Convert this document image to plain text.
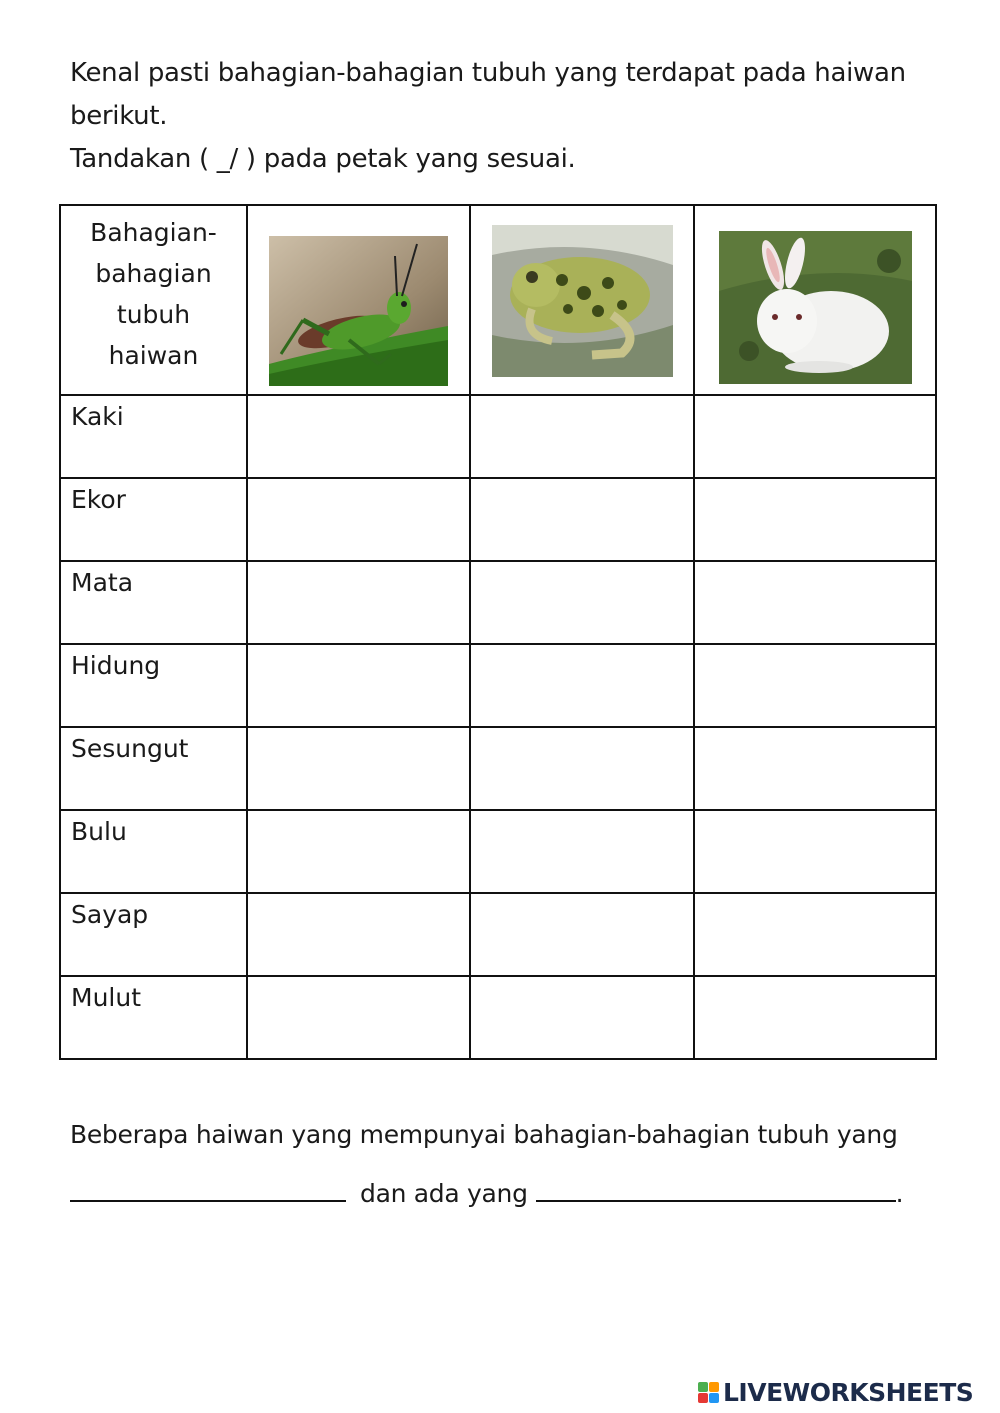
Kenal pasti bahagian-bahagian tubuh yang terdapat pada haiwan
berikut.
Tandakan ( _/ ) pada petak yang sesuai.
Bahagian-
bahagian
tubuh
haiwan

Kaki			

Ekor			

Mata			

Hidung			

Sesungut			

Bulu			

Sayap			

Mulut			

Beberapa haiwan yang mempunyai bahagian-bahagian tubuh yang
dan ada yang	.
LIVEWORKSHEETS
